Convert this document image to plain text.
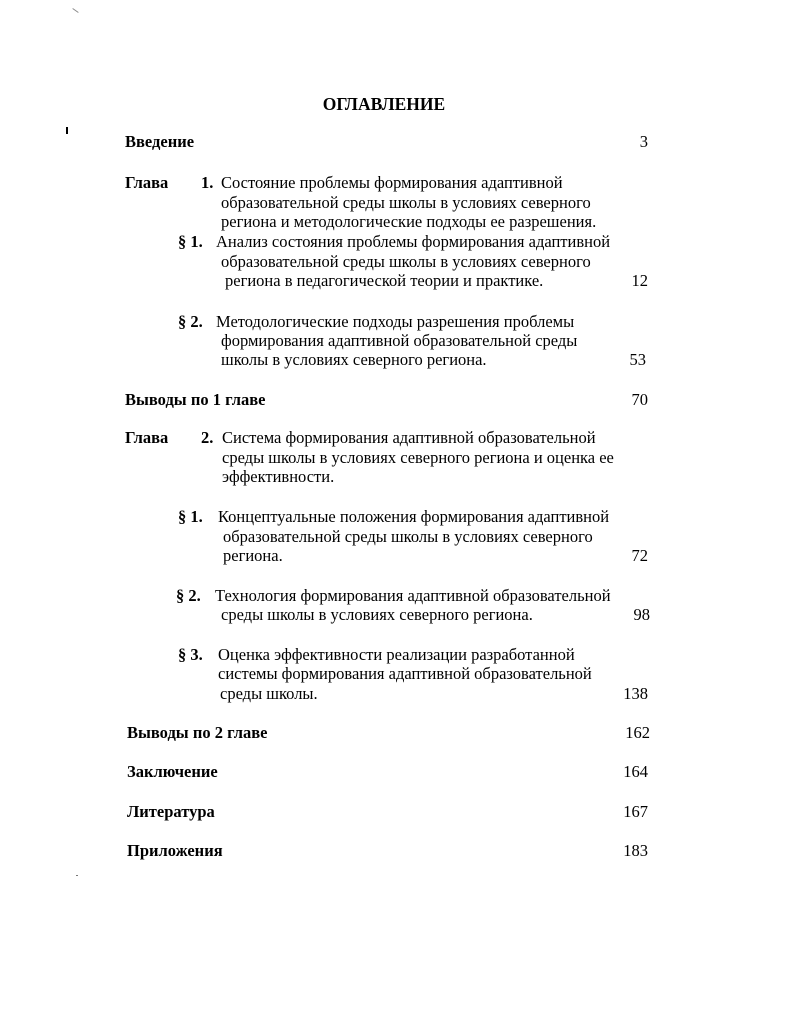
ОГЛАВЛЕНИЕ
Введение	3
Глава 1. Состояние проблемы формирования адаптивной
образовательной среды школы в условиях северного
региона и методологические подходы ее разрешения.
§ 1. Анализ состояния проблемы формирования адаптивной
образовательной среды школы в условиях северного
региона в педагогической теории и практике.	12
§ 2. Методологические подходы разрешения проблемы
формирования адаптивной образовательной среды
школы в условиях северного региона.	53
Выводы по 1 главе	70
Глава 2. Система формирования адаптивной образовательной
среды школы в условиях северного региона и оценка ее
эффективности.
§ 1. Концептуальные положения формирования адаптивной
образовательной среды школы в условиях северного
региона.	72
§ 2. Технология формирования адаптивной образовательной
среды школы в условиях северного региона.	98
§ 3. Оценка эффективности реализации разработанной
системы формирования адаптивной образовательной
среды школы.	138
Выводы по 2 главе	162
Заключение	164
Литература	167
Приложения	183
